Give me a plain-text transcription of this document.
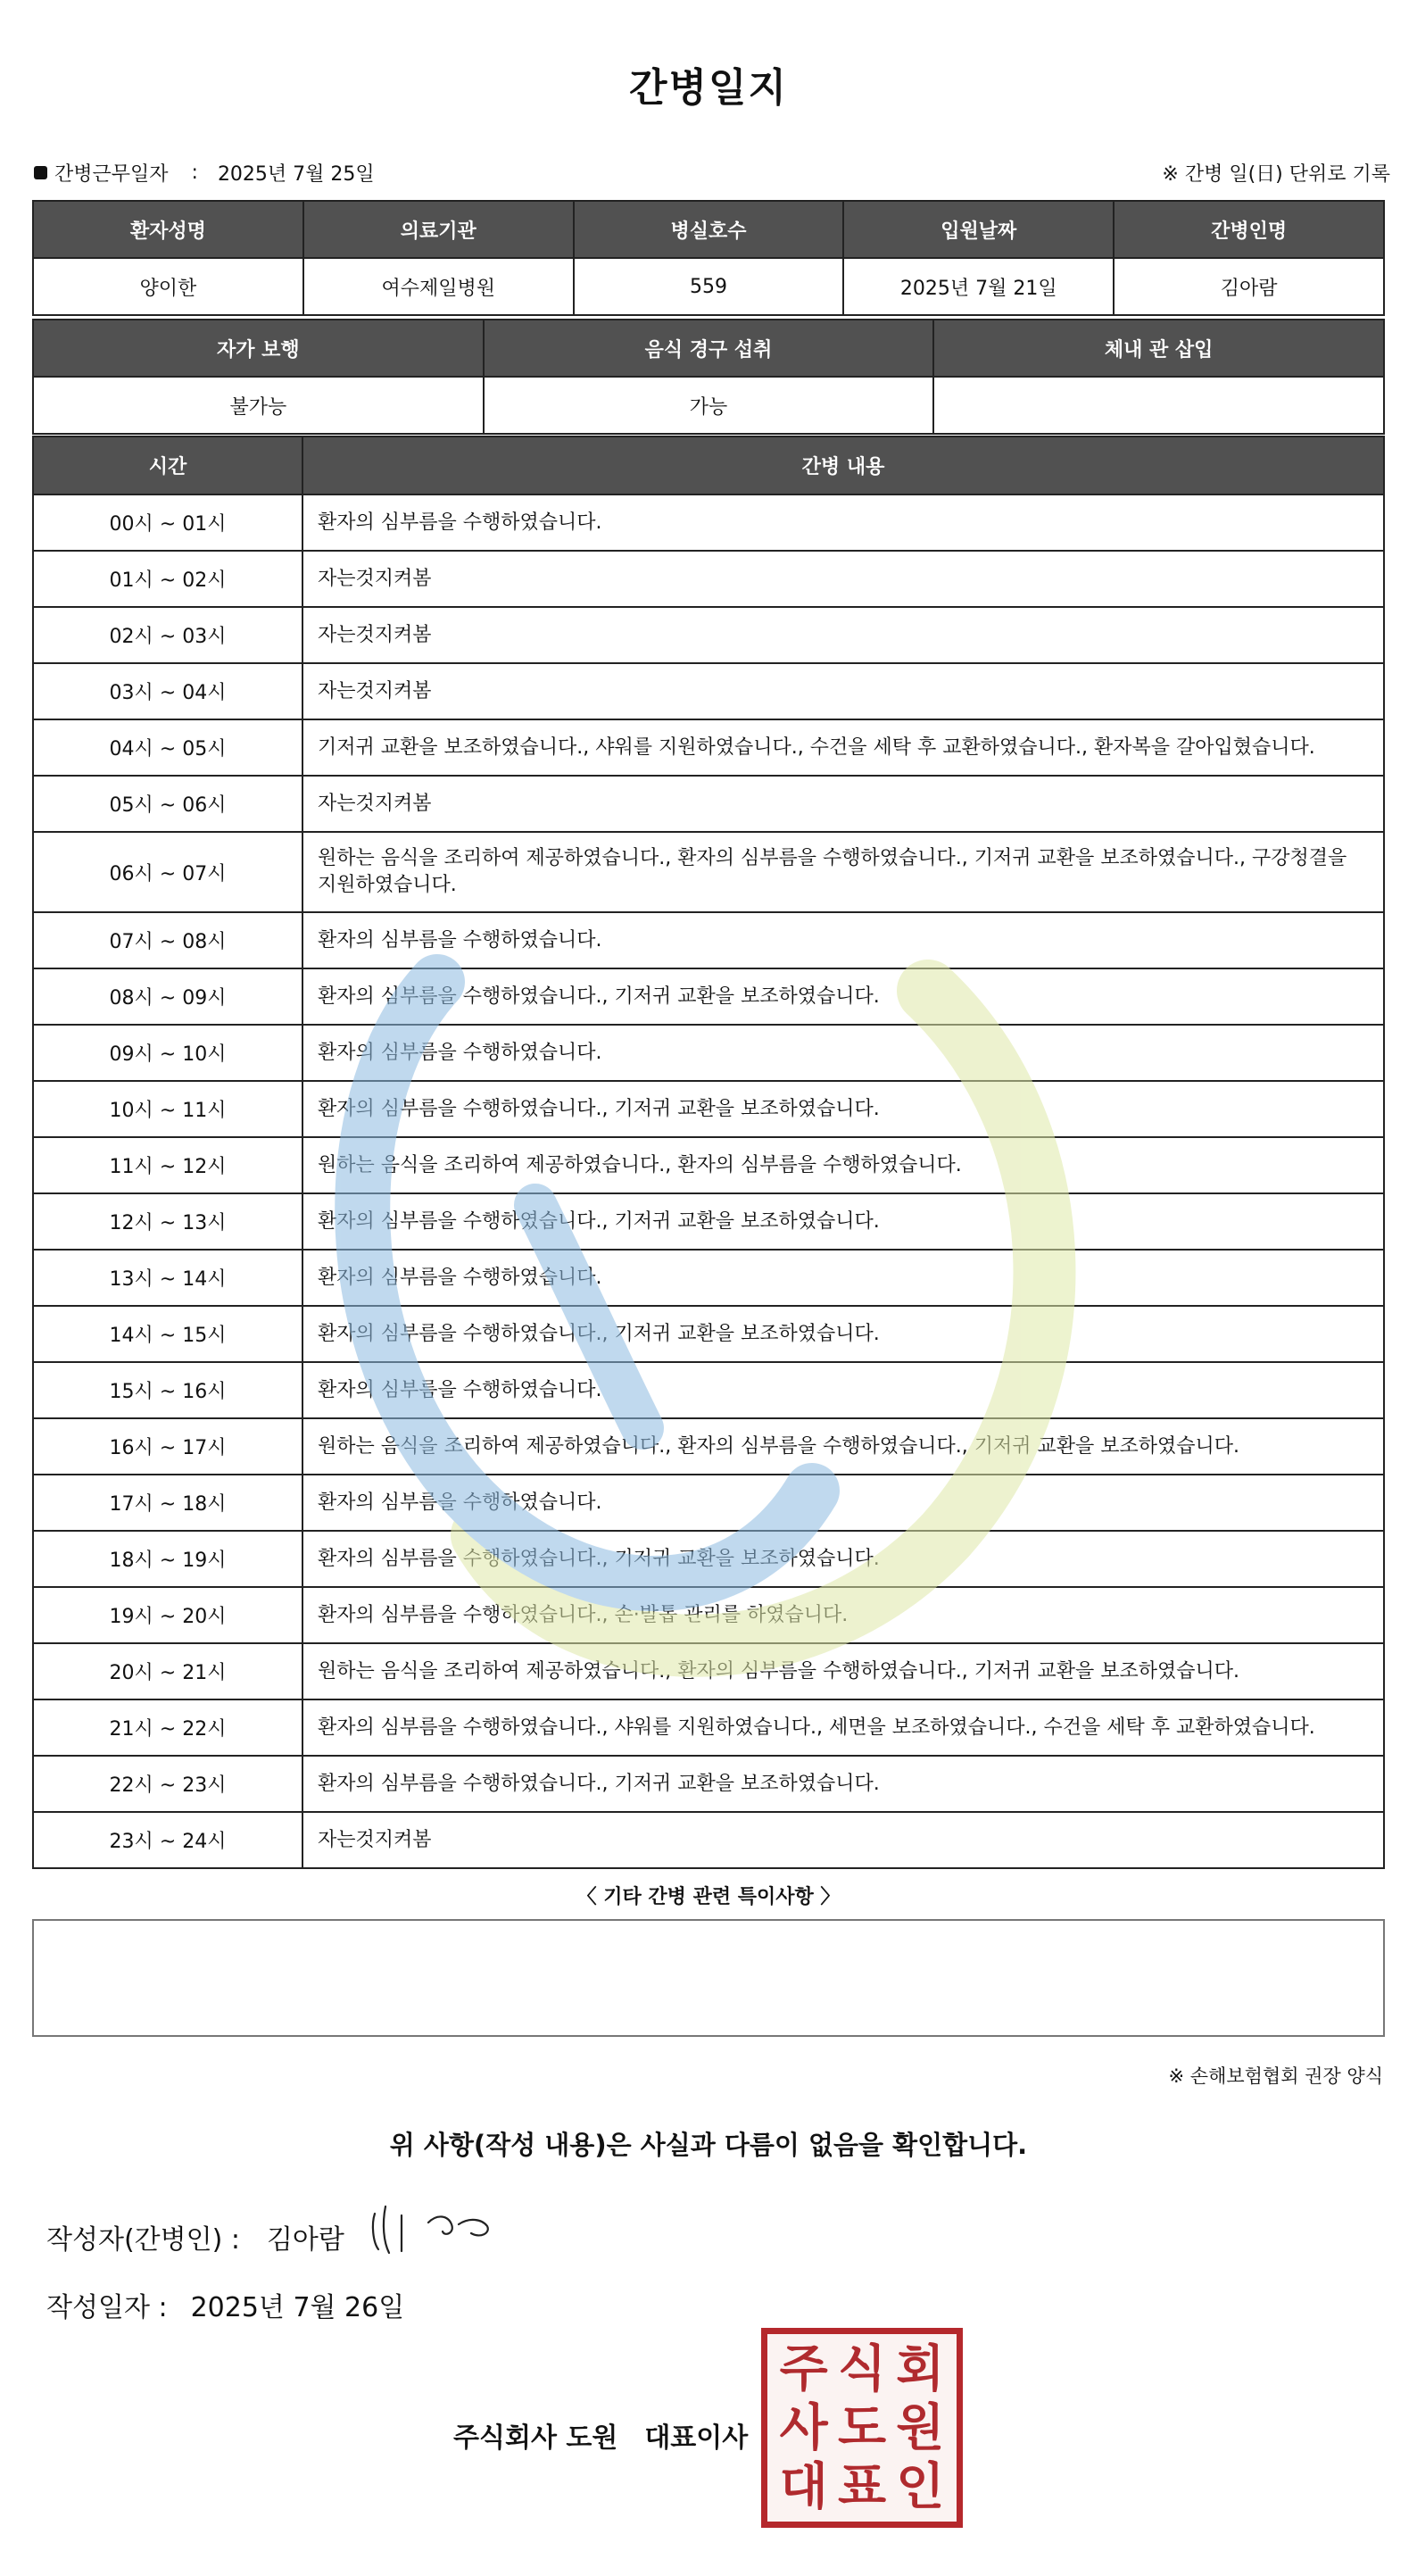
간병일지
간병근무일자 : 2025년 7월 25일	※ 간병 일(日) 단위로 기록
환자성명	의료기관	병실호수	입원날짜	간병인명
양이한	여수제일병원	559	2025년 7월 21일	김아람
자가 보행	음식 경구 섭취	체내 관 삽입
불가능	가능	
시간	간병 내용
00시 ~ 01시	환자의 심부름을 수행하였습니다.
01시 ~ 02시	자는것지켜봄
02시 ~ 03시	자는것지켜봄
03시 ~ 04시	자는것지켜봄
04시 ~ 05시	기저귀 교환을 보조하였습니다., 샤워를 지원하였습니다., 수건을 세탁 후 교환하였습니다., 환자복을 갈아입혔습니다.
05시 ~ 06시	자는것지켜봄
06시 ~ 07시	원하는 음식을 조리하여 제공하였습니다., 환자의 심부름을 수행하였습니다., 기저귀 교환을 보조하였습니다., 구강청결을 지원하였습니다.
07시 ~ 08시	환자의 심부름을 수행하였습니다.
08시 ~ 09시	환자의 심부름을 수행하였습니다., 기저귀 교환을 보조하였습니다.
09시 ~ 10시	환자의 심부름을 수행하였습니다.
10시 ~ 11시	환자의 심부름을 수행하였습니다., 기저귀 교환을 보조하였습니다.
11시 ~ 12시	원하는 음식을 조리하여 제공하였습니다., 환자의 심부름을 수행하였습니다.
12시 ~ 13시	환자의 심부름을 수행하였습니다., 기저귀 교환을 보조하였습니다.
13시 ~ 14시	환자의 심부름을 수행하였습니다.
14시 ~ 15시	환자의 심부름을 수행하였습니다., 기저귀 교환을 보조하였습니다.
15시 ~ 16시	환자의 심부름을 수행하였습니다.
16시 ~ 17시	원하는 음식을 조리하여 제공하였습니다., 환자의 심부름을 수행하였습니다., 기저귀 교환을 보조하였습니다.
17시 ~ 18시	환자의 심부름을 수행하였습니다.
18시 ~ 19시	환자의 심부름을 수행하였습니다., 기저귀 교환을 보조하였습니다.
19시 ~ 20시	환자의 심부름을 수행하였습니다., 손·발톱 관리를 하였습니다.
20시 ~ 21시	원하는 음식을 조리하여 제공하였습니다., 환자의 심부름을 수행하였습니다., 기저귀 교환을 보조하였습니다.
21시 ~ 22시	환자의 심부름을 수행하였습니다., 샤워를 지원하였습니다., 세면을 보조하였습니다., 수건을 세탁 후 교환하였습니다.
22시 ~ 23시	환자의 심부름을 수행하였습니다., 기저귀 교환을 보조하였습니다.
23시 ~ 24시	자는것지켜봄
〈 기타 간병 관련 특이사항 〉
※ 손해보험협회 권장 양식
위 사항(작성 내용)은 사실과 다름이 없음을 확인합니다.
작성자(간병인) : 김아람
작성일자 : 2025년 7월 26일
주식회사 도원 대표이사
주 식 회
사 도 원
대 표 인
